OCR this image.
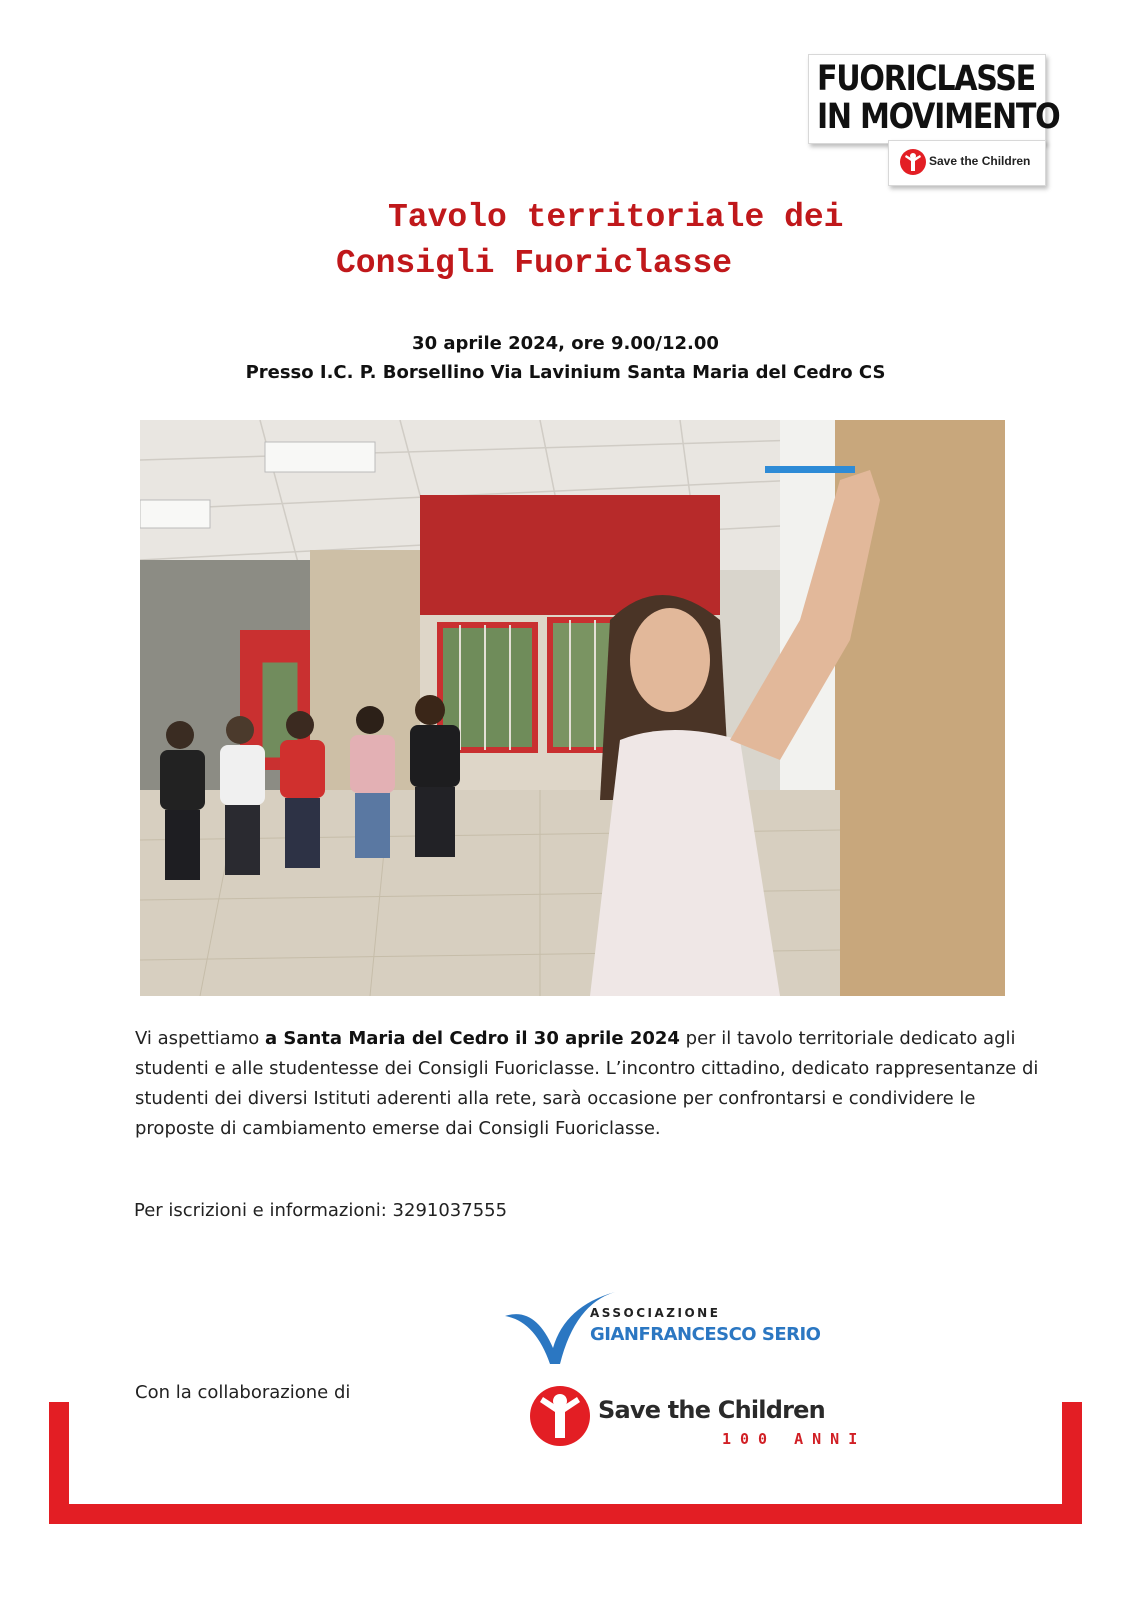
FUORICLASSE
IN MOVIMENTO
Save the Children
Tavolo territoriale dei
Consigli Fuoriclasse
30 aprile 2024, ore 9.00/12.00
Presso I.C. P. Borsellino Via Lavinium Santa Maria del Cedro CS
Vi aspettiamo a Santa Maria del Cedro il 30 aprile 2024 per il tavolo territoriale dedicato agli studenti e alle studentesse dei Consigli Fuoriclasse. L’incontro cittadino, dedicato rappresentanze di studenti dei diversi Istituti aderenti alla rete, sarà occasione per confrontarsi e condividere le proposte di cambiamento emerse dai Consigli Fuoriclasse.
Per iscrizioni e informazioni: 3291037555
Con la collaborazione di
ASSOCIAZIONE
GIANFRANCESCO SERIO
Save the Children
100 ANNI
